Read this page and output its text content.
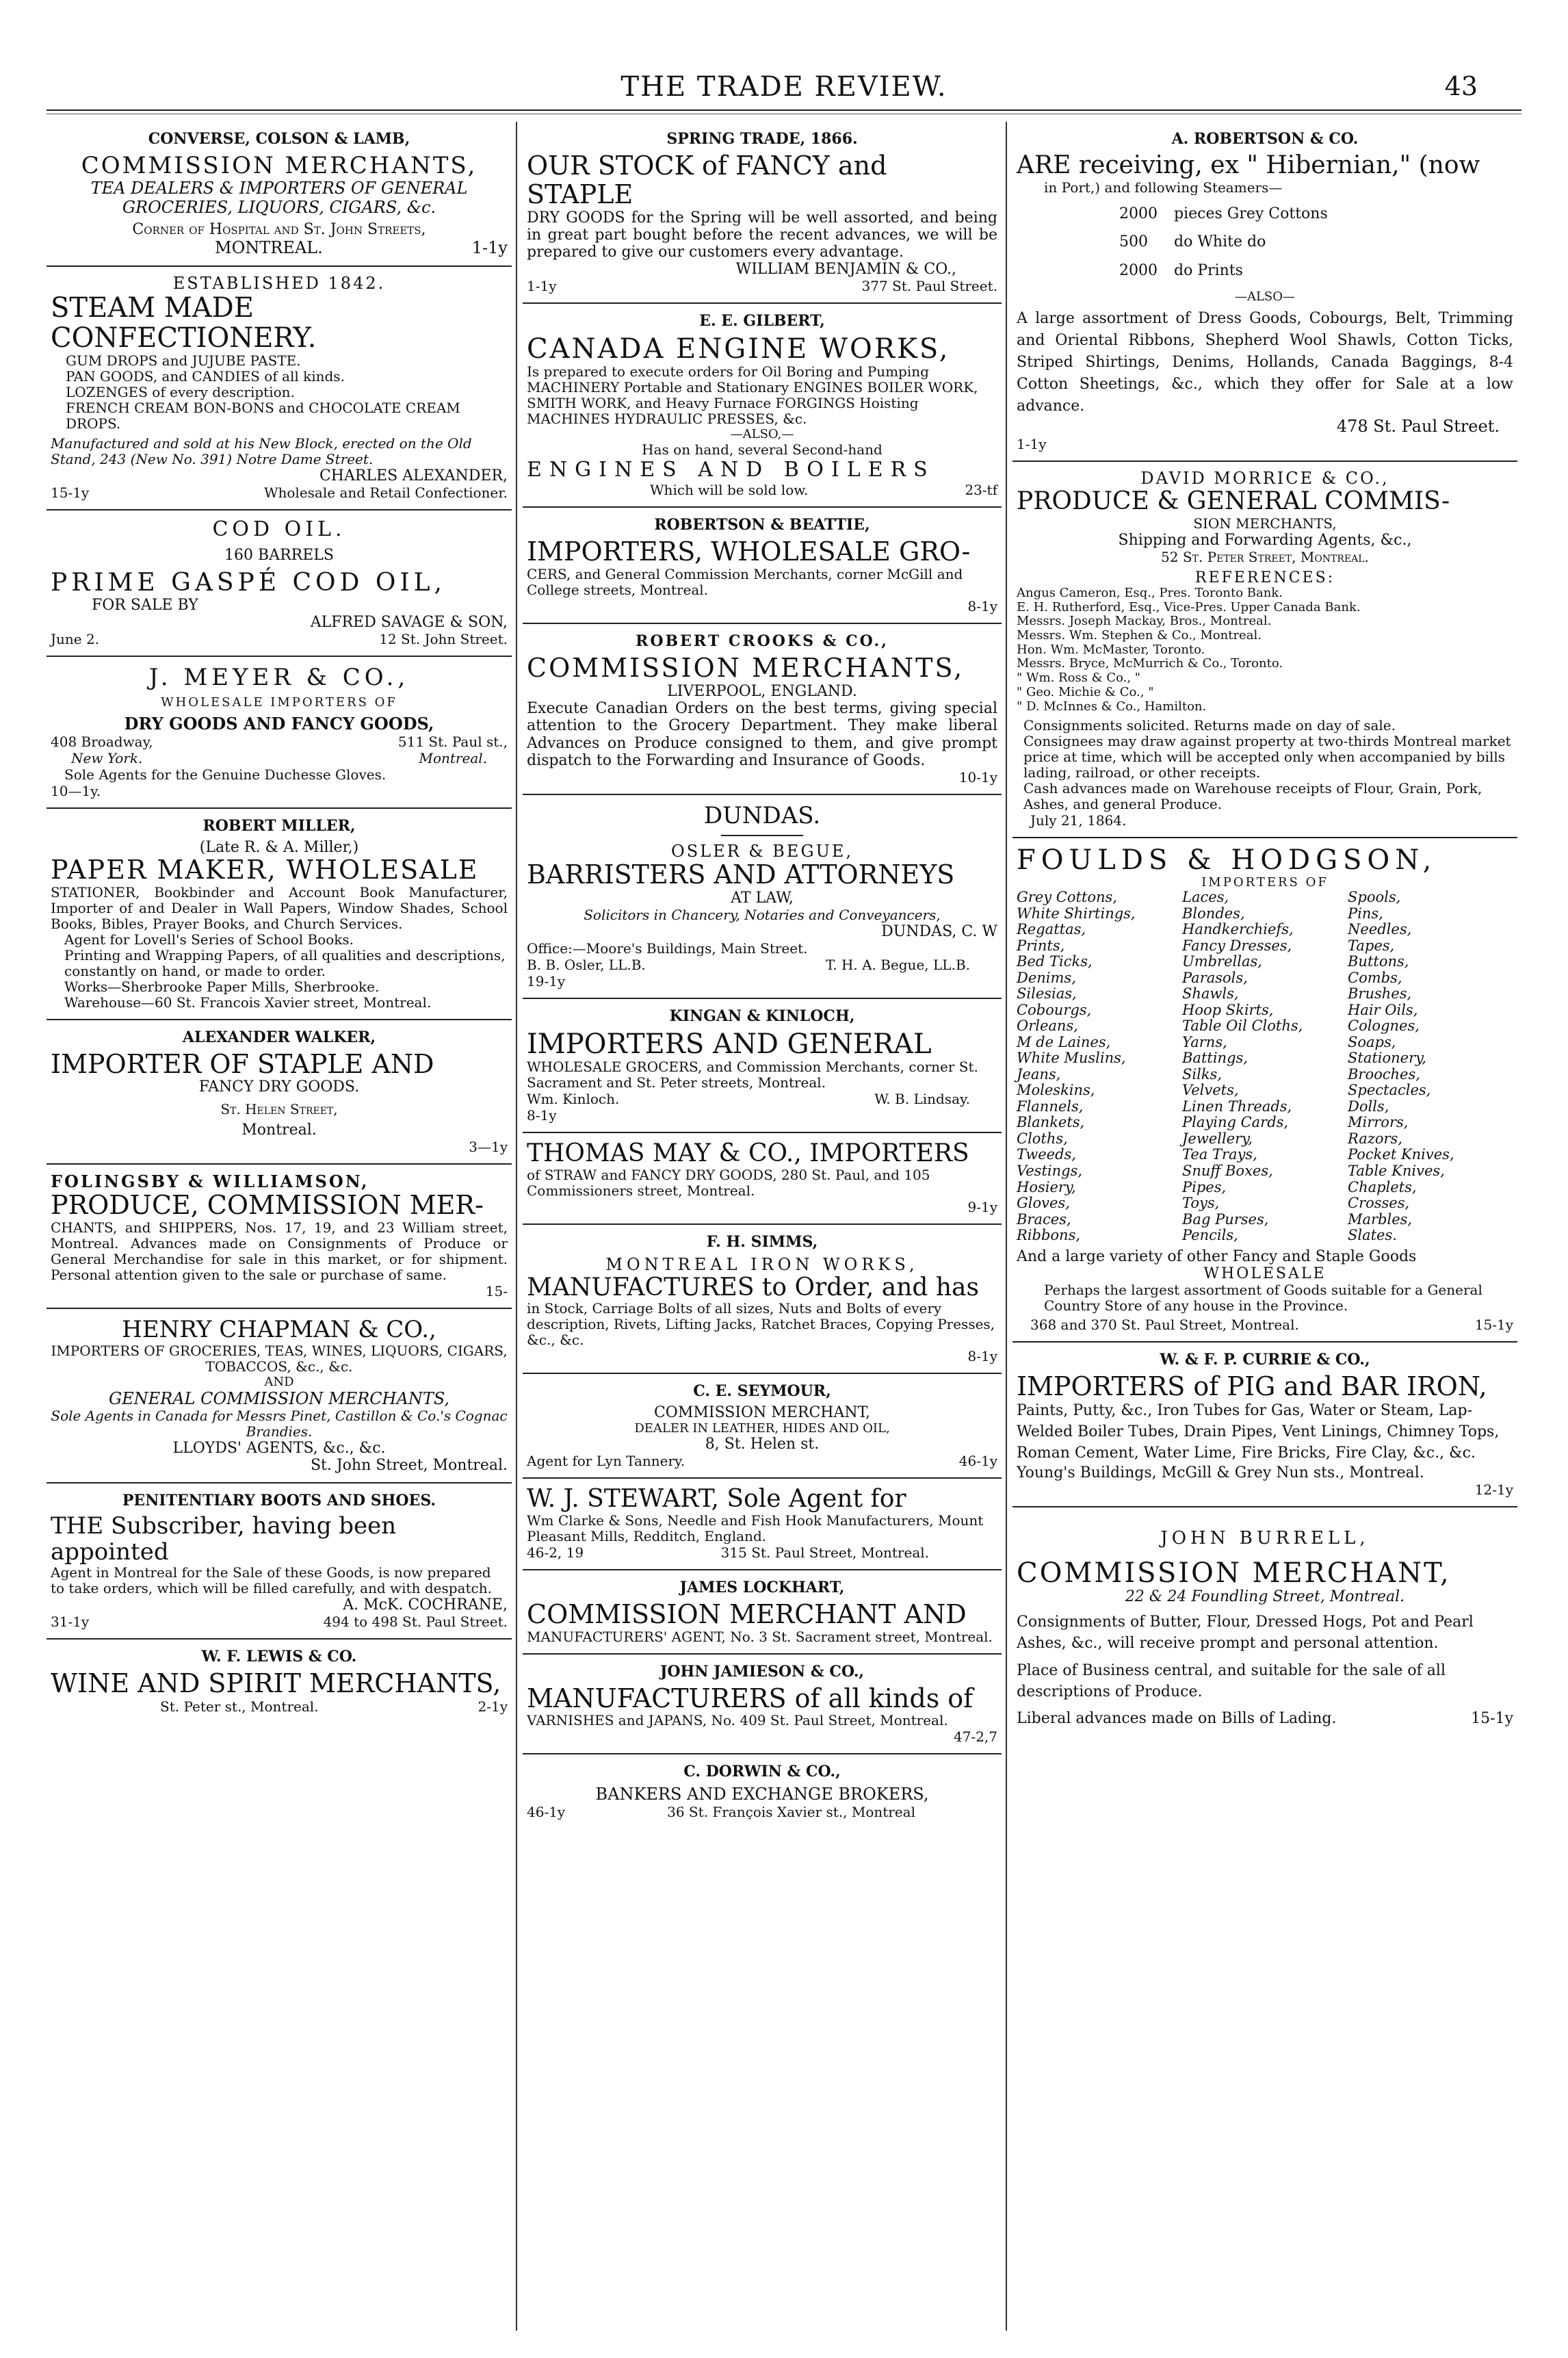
THE TRADE REVIEW.	43
CONVERSE, COLSON & LAMB,
COMMISSION MERCHANTS,
TEA DEALERS & IMPORTERS OF GENERAL GROCERIES, LIQUORS, CIGARS, &c.
Corner of Hospital and St. John Streets,
MONTREAL.	1-1y
ESTABLISHED 1842.
STEAM MADE CONFECTIONERY.
GUM DROPS and JUJUBE PASTE.
PAN GOODS, and CANDIES of all kinds.
LOZENGES of every description.
FRENCH CREAM BON-BONS and CHOCOLATE CREAM DROPS.
Manufactured and sold at his New Block, erected on the Old Stand, 243 (New No. 391) Notre Dame Street.
CHARLES ALEXANDER,
15-1y	Wholesale and Retail Confectioner.
COD OIL.
160 BARRELS
PRIME GASPÉ COD OIL,
FOR SALE BY
ALFRED SAVAGE & SON,
June 2.	12 St. John Street.
J. MEYER & CO.,
WHOLESALE IMPORTERS OF
DRY GOODS AND FANCY GOODS,
408 Broadway,	511 St. Paul st.,
New York.	Montreal.
Sole Agents for the Genuine Duchesse Gloves.
10—1y.
ROBERT MILLER,
(Late R. & A. Miller,)
PAPER MAKER, WHOLESALE
STATIONER, Bookbinder and Account Book Manufacturer, Importer of and Dealer in Wall Papers, Window Shades, School Books, Bibles, Prayer Books, and Church Services.
Agent for Lovell's Series of School Books.
Printing and Wrapping Papers, of all qualities and descriptions, constantly on hand, or made to order.
Works—Sherbrooke Paper Mills, Sherbrooke.
Warehouse—60 St. Francois Xavier street, Montreal.
ALEXANDER WALKER,
IMPORTER OF STAPLE AND
FANCY DRY GOODS.
St. Helen Street,
Montreal.
3—1y
FOLINGSBY & WILLIAMSON,
PRODUCE, COMMISSION MER-
CHANTS, and SHIPPERS, Nos. 17, 19, and 23 William street, Montreal. Advances made on Consignments of Produce or General Merchandise for sale in this market, or for shipment. Personal attention given to the sale or purchase of same.
15-
HENRY CHAPMAN & CO.,
IMPORTERS OF GROCERIES, TEAS, WINES, LIQUORS, CIGARS, TOBACCOS, &c., &c.
AND
GENERAL COMMISSION MERCHANTS,
Sole Agents in Canada for Messrs Pinet, Castillon & Co.'s Cognac Brandies.
LLOYDS' AGENTS, &c., &c.
St. John Street, Montreal.
PENITENTIARY BOOTS AND SHOES.
THE Subscriber, having been appointed
Agent in Montreal for the Sale of these Goods, is now prepared to take orders, which will be filled carefully, and with despatch.
A. McK. COCHRANE,
31-1y	494 to 498 St. Paul Street.
W. F. LEWIS & CO.
WINE AND SPIRIT MERCHANTS,
St. Peter st., Montreal.	2-1y
SPRING TRADE, 1866.
OUR STOCK of FANCY and STAPLE
DRY GOODS for the Spring will be well assorted, and being in great part bought before the recent advances, we will be prepared to give our customers every advantage.
WILLIAM BENJAMIN & CO.,
1-1y	377 St. Paul Street.
E. E. GILBERT,
CANADA ENGINE WORKS,
Is prepared to execute orders for Oil Boring and Pumping MACHINERY Portable and Stationary ENGINES BOILER WORK, SMITH WORK, and Heavy Furnace FORGINGS Hoisting MACHINES HYDRAULIC PRESSES, &c.
—ALSO,—
Has on hand, several Second-hand
ENGINES AND BOILERS
Which will be sold low.	23-tf
ROBERTSON & BEATTIE,
IMPORTERS, WHOLESALE GRO-
CERS, and General Commission Merchants, corner McGill and College streets, Montreal.
8-1y
ROBERT CROOKS & CO.,
COMMISSION MERCHANTS,
LIVERPOOL, ENGLAND.
Execute Canadian Orders on the best terms, giving special attention to the Grocery Department. They make liberal Advances on Produce consigned to them, and give prompt dispatch to the Forwarding and Insurance of Goods.
10-1y
DUNDAS.
OSLER & BEGUE,
BARRISTERS AND ATTORNEYS
AT LAW,
Solicitors in Chancery, Notaries and Conveyancers,
DUNDAS, C. W
Office:—Moore's Buildings, Main Street.
B. B. Osler, LL.B.	T. H. A. Begue, LL.B.
19-1y
KINGAN & KINLOCH,
IMPORTERS AND GENERAL
WHOLESALE GROCERS, and Commission Merchants, corner St. Sacrament and St. Peter streets, Montreal.
Wm. Kinloch.	W. B. Lindsay.
8-1y
THOMAS MAY & CO., IMPORTERS
of STRAW and FANCY DRY GOODS, 280 St. Paul, and 105 Commissioners street, Montreal.
9-1y
F. H. SIMMS,
MONTREAL IRON WORKS,
MANUFACTURES to Order, and has
in Stock, Carriage Bolts of all sizes, Nuts and Bolts of every description, Rivets, Lifting Jacks, Ratchet Braces, Copying Presses, &c., &c.
8-1y
C. E. SEYMOUR,
COMMISSION MERCHANT,
DEALER IN LEATHER, HIDES AND OIL,
8, St. Helen st.
Agent for Lyn Tannery.	46-1y
W. J. STEWART, Sole Agent for
Wm Clarke & Sons, Needle and Fish Hook Manufacturers, Mount Pleasant Mills, Redditch, England.
46-2, 19	315 St. Paul Street, Montreal.
JAMES LOCKHART,
COMMISSION MERCHANT AND
MANUFACTURERS' AGENT, No. 3 St. Sacrament street, Montreal.
JOHN JAMIESON & CO.,
MANUFACTURERS of all kinds of
VARNISHES and JAPANS, No. 409 St. Paul Street, Montreal.
47-2,7
C. DORWIN & CO.,
BANKERS AND EXCHANGE BROKERS,
46-1y	36 St. François Xavier st., Montreal
A. ROBERTSON & CO.
ARE receiving, ex " Hibernian," (now
in Port,) and following Steamers—
2000 pieces Grey Cottons
500 do White do
2000 do Prints
—ALSO—
A large assortment of Dress Goods, Cobourgs, Belt, Trimming and Oriental Ribbons, Shepherd Wool Shawls, Cotton Ticks, Striped Shirtings, Denims, Hollands, Canada Baggings, 8-4 Cotton Sheetings, &c., which they offer for Sale at a low advance.
478 St. Paul Street.
1-1y
DAVID MORRICE & CO.,
PRODUCE & GENERAL COMMIS-
SION MERCHANTS,
Shipping and Forwarding Agents, &c.,
52 St. Peter Street, Montreal.
REFERENCES:
Angus Cameron, Esq., Pres. Toronto Bank.
E. H. Rutherford, Esq., Vice-Pres. Upper Canada Bank.
Messrs. Joseph Mackay, Bros., Montreal.
Messrs. Wm. Stephen & Co., Montreal.
Hon. Wm. McMaster, Toronto.
Messrs. Bryce, McMurrich & Co., Toronto.
" Wm. Ross & Co., "
" Geo. Michie & Co., "
" D. McInnes & Co., Hamilton.
Consignments solicited. Returns made on day of sale.
Consignees may draw against property at two-thirds Montreal market price at time, which will be accepted only when accompanied by bills lading, railroad, or other receipts.
Cash advances made on Warehouse receipts of Flour, Grain, Pork, Ashes, and general Produce.
July 21, 1864.
FOULDS & HODGSON,
IMPORTERS OF
Grey Cottons,	Laces,	Spools,
White Shirtings,	Blondes,	Pins,
Regattas,	Handkerchiefs,	Needles,
Prints,	Fancy Dresses,	Tapes,
Bed Ticks,	Umbrellas,	Buttons,
Denims,	Parasols,	Combs,
Silesias,	Shawls,	Brushes,
Cobourgs,	Hoop Skirts,	Hair Oils,
Orleans,	Table Oil Cloths,	Colognes,
M de Laines,	Yarns,	Soaps,
White Muslins,	Battings,	Stationery,
Jeans,	Silks,	Brooches,
Moleskins,	Velvets,	Spectacles,
Flannels,	Linen Threads,	Dolls,
Blankets,	Playing Cards,	Mirrors,
Cloths,	Jewellery,	Razors,
Tweeds,	Tea Trays,	Pocket Knives,
Vestings,	Snuff Boxes,	Table Knives,
Hosiery,	Pipes,	Chaplets,
Gloves,	Toys,	Crosses,
Braces,	Bag Purses,	Marbles,
Ribbons,	Pencils,	Slates.
And a large variety of other Fancy and Staple Goods
WHOLESALE
Perhaps the largest assortment of Goods suitable for a General Country Store of any house in the Province.
368 and 370 St. Paul Street, Montreal.	15-1y
W. & F. P. CURRIE & CO.,
IMPORTERS of PIG and BAR IRON,
Paints, Putty, &c., Iron Tubes for Gas, Water or Steam, Lap-Welded Boiler Tubes, Drain Pipes, Vent Linings, Chimney Tops, Roman Cement, Water Lime, Fire Bricks, Fire Clay, &c., &c.
Young's Buildings, McGill & Grey Nun sts., Montreal.
12-1y
JOHN BURRELL,
COMMISSION MERCHANT,
22 & 24 Foundling Street, Montreal.
Consignments of Butter, Flour, Dressed Hogs, Pot and Pearl Ashes, &c., will receive prompt and personal attention.
Place of Business central, and suitable for the sale of all descriptions of Produce.
Liberal advances made on Bills of Lading.	15-1y
